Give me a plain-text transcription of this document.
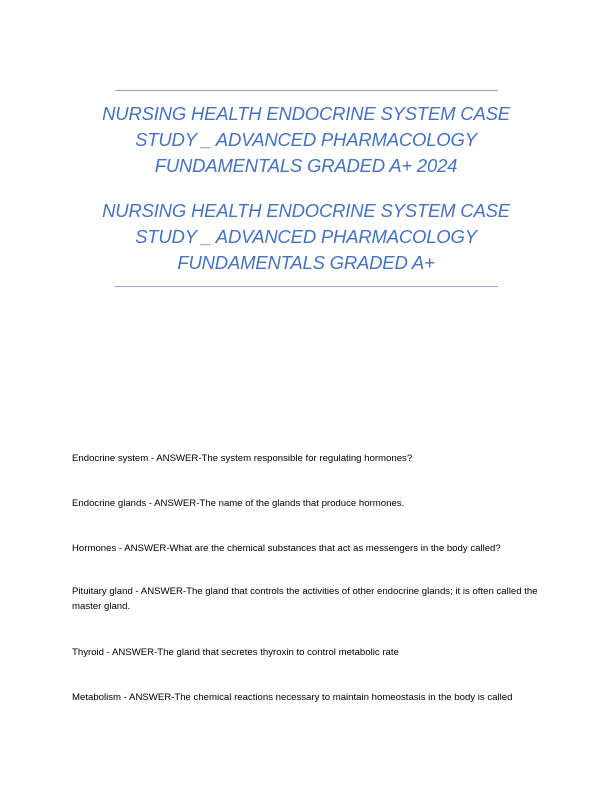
NURSING HEALTH ENDOCRINE SYSTEM CASE STUDY _ ADVANCED PHARMACOLOGY FUNDAMENTALS GRADED A+ 2024
NURSING HEALTH ENDOCRINE SYSTEM CASE STUDY _ ADVANCED PHARMACOLOGY FUNDAMENTALS GRADED A+

Endocrine system - ANSWER-The system responsible for regulating hormones?

Endocrine glands - ANSWER-The name of the glands that produce hormones.

Hormones - ANSWER-What are the chemical substances that act as messengers in the body called?

Pituitary gland - ANSWER-The gland that controls the activities of other endocrine glands; it is often called the master gland.

Thyroid - ANSWER-The gland that secretes thyroxin to control metabolic rate

Metabolism - ANSWER-The chemical reactions necessary to maintain homeostasis in the body is called
